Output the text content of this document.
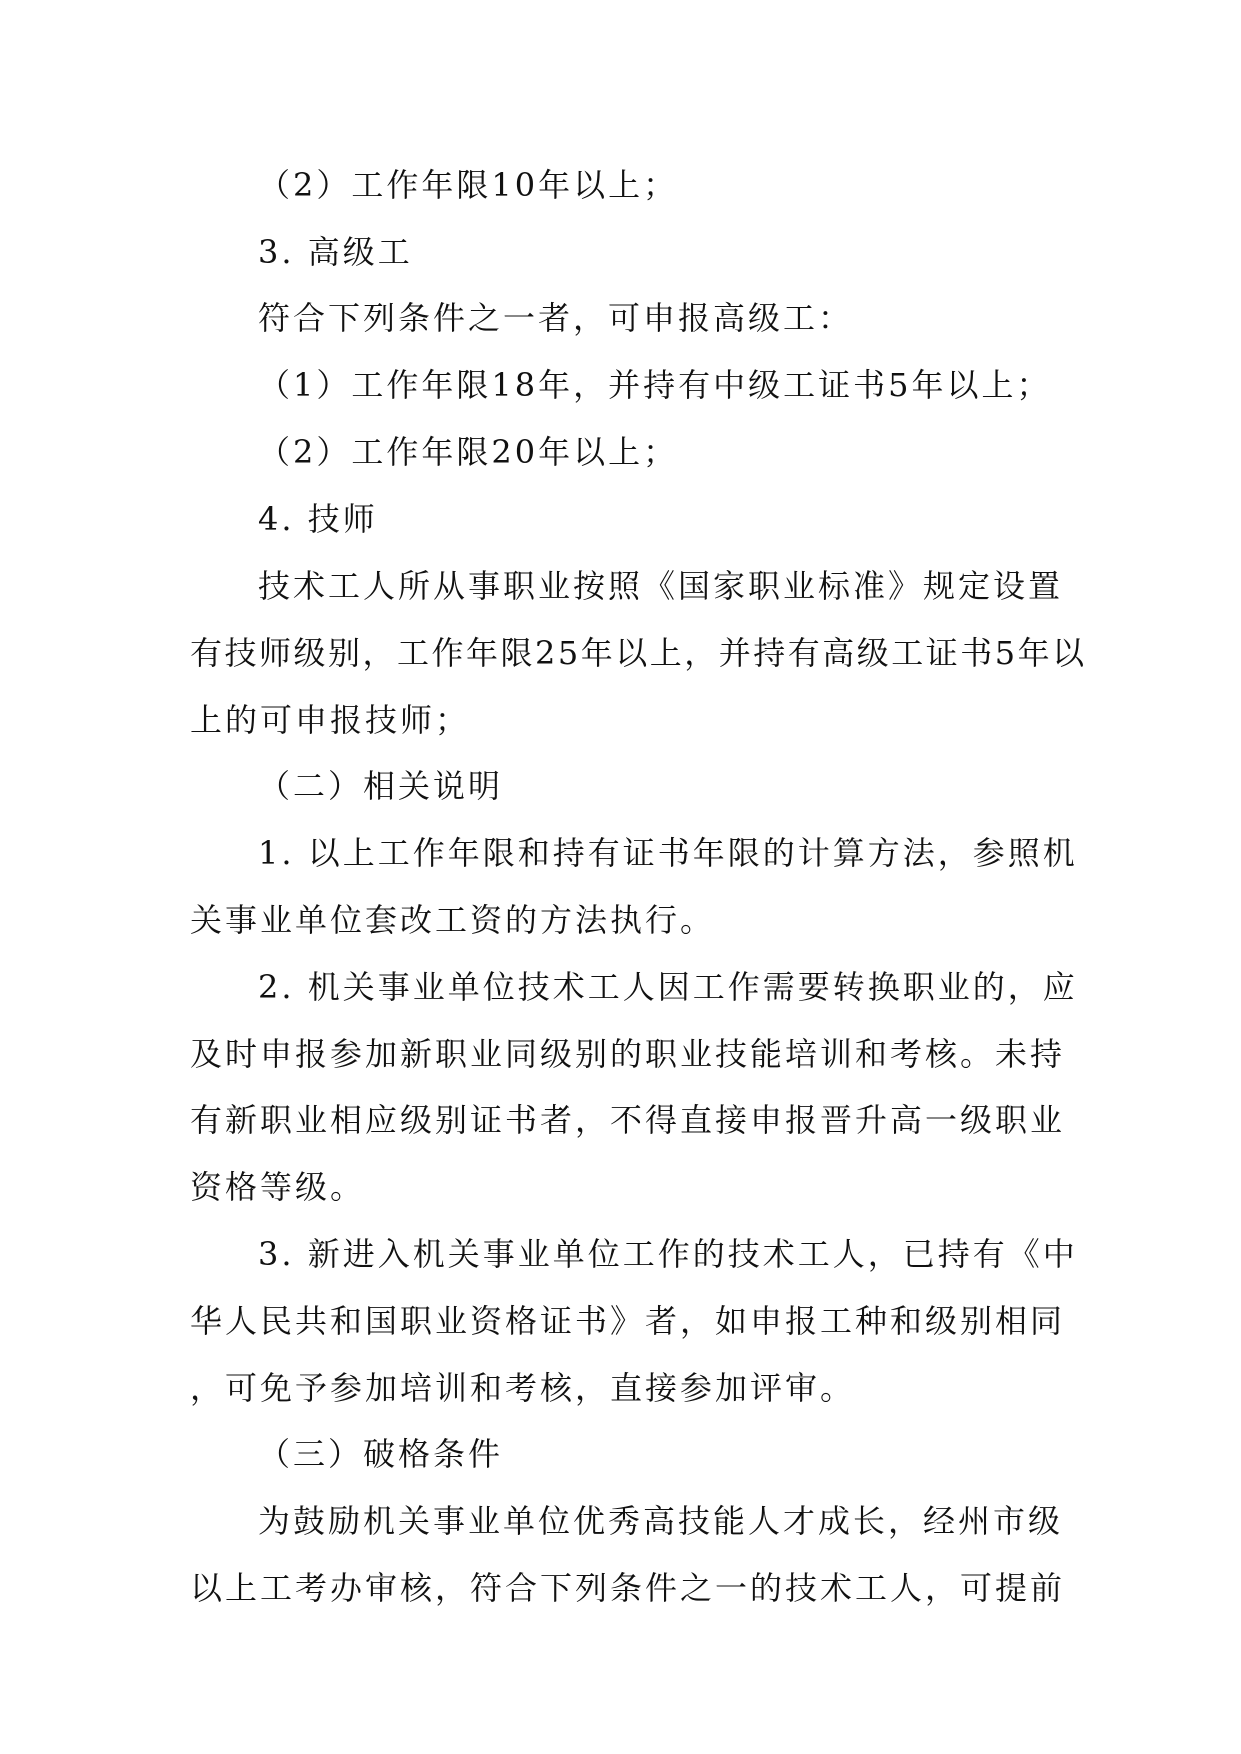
（2）工作年限10年以上；
3. 高级工
符合下列条件之一者，可申报高级工：
（1）工作年限18年，并持有中级工证书5年以上；
（2）工作年限20年以上；
4. 技师
技术工人所从事职业按照《国家职业标准》规定设置
有技师级别，工作年限25年以上，并持有高级工证书5年以
上的可申报技师；
（二）相关说明
1. 以上工作年限和持有证书年限的计算方法，参照机
关事业单位套改工资的方法执行。
2. 机关事业单位技术工人因工作需要转换职业的，应
及时申报参加新职业同级别的职业技能培训和考核。未持
有新职业相应级别证书者，不得直接申报晋升高一级职业
资格等级。
3. 新进入机关事业单位工作的技术工人，已持有《中
华人民共和国职业资格证书》者，如申报工种和级别相同
，可免予参加培训和考核，直接参加评审。
（三）破格条件
为鼓励机关事业单位优秀高技能人才成长，经州市级
以上工考办审核，符合下列条件之一的技术工人，可提前
